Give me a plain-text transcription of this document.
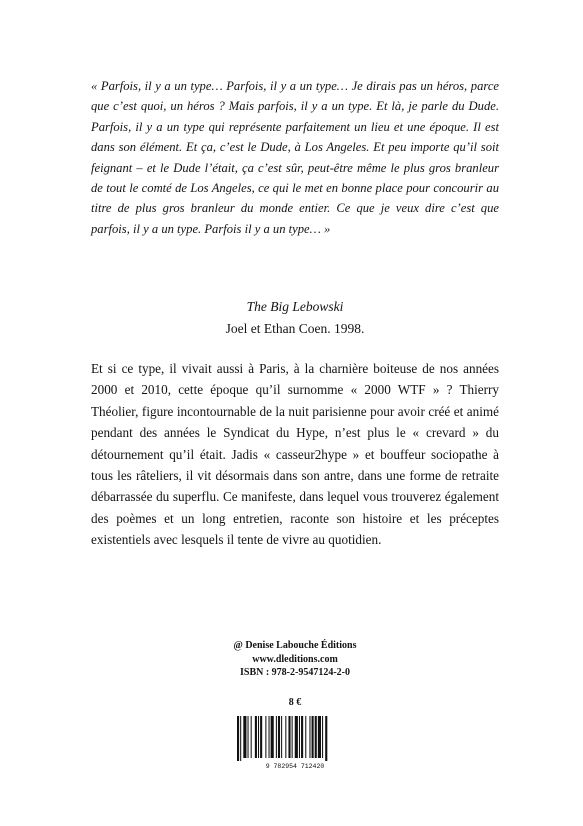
« Parfois, il y a un type… Parfois, il y a un type… Je dirais pas un héros, parce que c’est quoi, un héros ? Mais parfois, il y a un type. Et là, je parle du Dude. Parfois, il y a un type qui représente parfaitement un lieu et une époque. Il est dans son élément. Et ça, c’est le Dude, à Los Angeles. Et peu importe qu’il soit feignant – et le Dude l’était, ça c’est sûr, peut-être même le plus gros branleur de tout le comté de Los Angeles, ce qui le met en bonne place pour concourir au titre de plus gros branleur du monde entier. Ce que je veux dire c’est que parfois, il y a un type. Parfois il y a un type… »

The Big Lebowski
Joel et Ethan Coen. 1998.

Et si ce type, il vivait aussi à Paris, à la charnière boiteuse de nos années 2000 et 2010, cette époque qu’il surnomme « 2000 WTF » ? Thierry Théolier, figure incontournable de la nuit parisienne pour avoir créé et animé pendant des années le Syndicat du Hype, n’est plus le « crevard » du détournement qu’il était. Jadis « casseur2hype » et bouffeur sociopathe à tous les râteliers, il vit désormais dans son antre, dans une forme de retraite débarrassée du superflu. Ce manifeste, dans lequel vous trouverez également des poèmes et un long entretien, raconte son histoire et les préceptes existentiels avec lesquels il tente de vivre au quotidien.

@ Denise Labouche Éditions
www.dleditions.com
ISBN : 978-2-9547124-2-0
8 €
9 782954 712420
